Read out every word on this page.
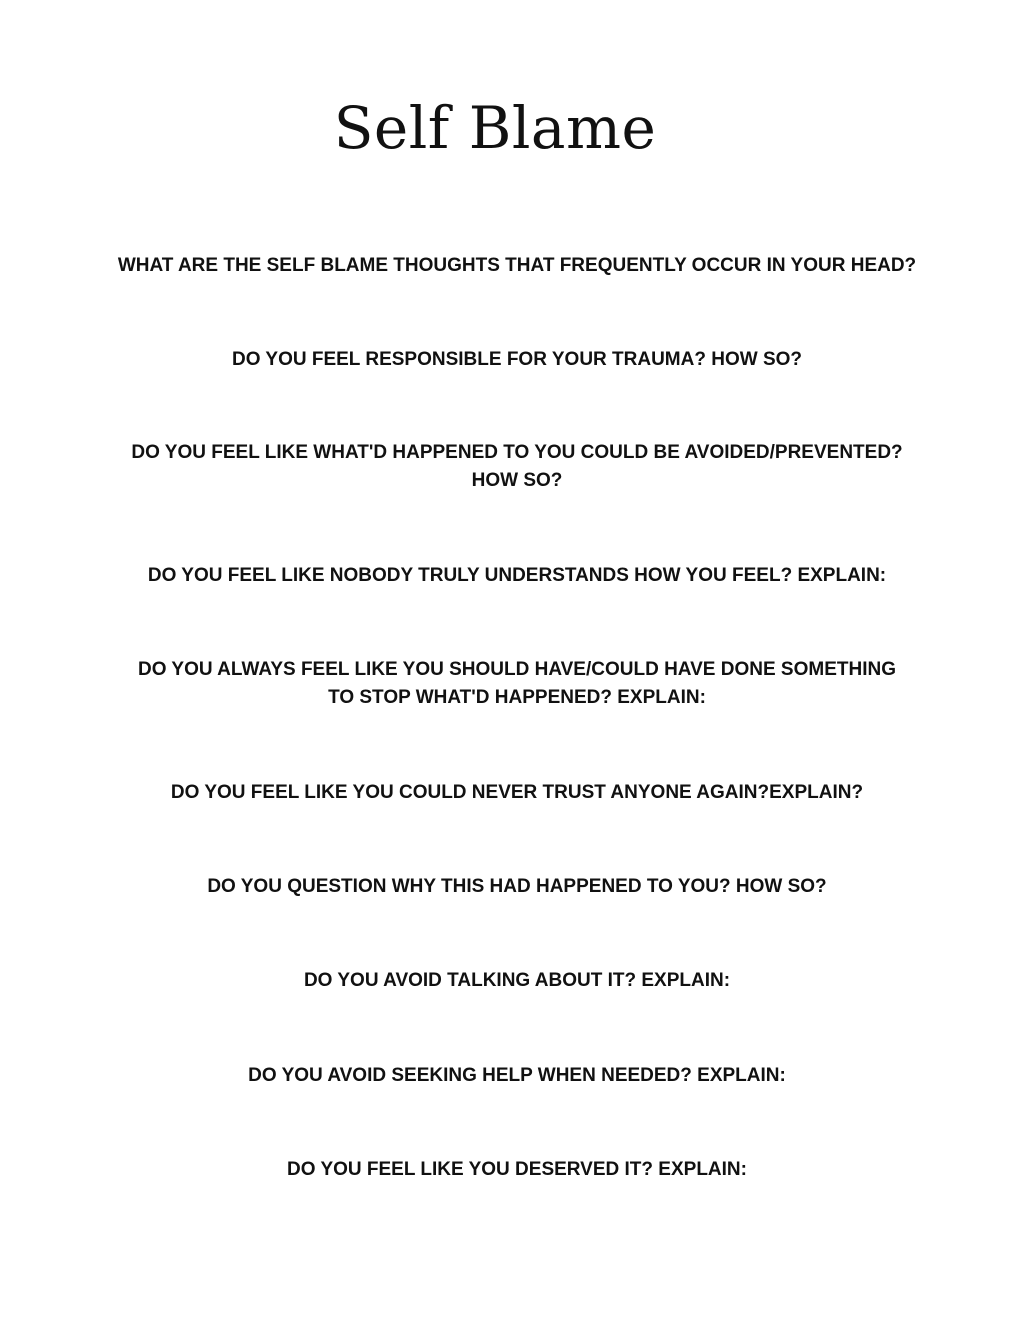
Self Blame
WHAT ARE THE SELF BLAME THOUGHTS THAT FREQUENTLY OCCUR IN YOUR HEAD?
DO YOU FEEL RESPONSIBLE FOR YOUR TRAUMA? HOW SO?
DO YOU FEEL LIKE WHAT'D HAPPENED TO YOU COULD BE AVOIDED/PREVENTED?
HOW SO?
DO YOU FEEL LIKE NOBODY TRULY UNDERSTANDS HOW YOU FEEL? EXPLAIN:
DO YOU ALWAYS FEEL LIKE YOU SHOULD HAVE/COULD HAVE DONE SOMETHING
TO STOP WHAT'D HAPPENED? EXPLAIN:
DO YOU FEEL LIKE YOU COULD NEVER TRUST ANYONE AGAIN?EXPLAIN?
DO YOU QUESTION WHY THIS HAD HAPPENED TO YOU? HOW SO?
DO YOU AVOID TALKING ABOUT IT? EXPLAIN:
DO YOU AVOID SEEKING HELP WHEN NEEDED? EXPLAIN:
DO YOU FEEL LIKE YOU DESERVED IT? EXPLAIN:
